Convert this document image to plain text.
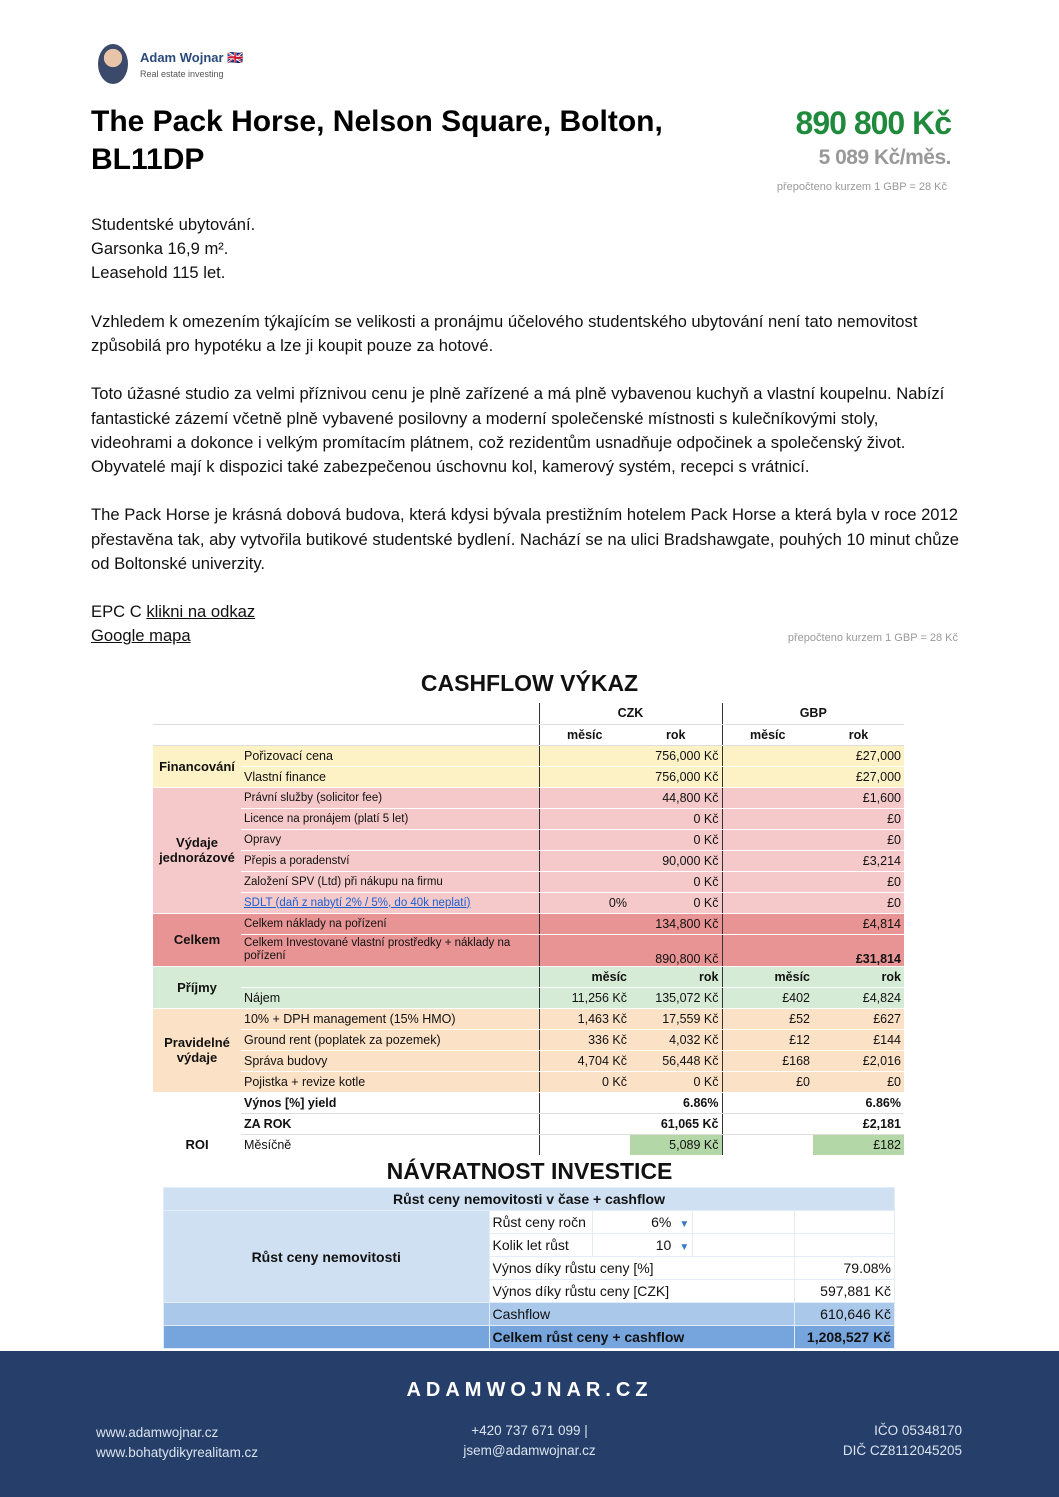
Adam Wojnar 🇬🇧
Real estate investing
The Pack Horse, Nelson Square, Bolton, BL11DP
890 800 Kč
5 089 Kč/měs.
přepočteno kurzem 1 GBP = 28 Kč

Studentské ubytování.

Garsonka 16,9 m².

Leasehold 115 let.

Vzhledem k omezením týkajícím se velikosti a pronájmu účelového studentského ubytování není tato nemovitost způsobilá pro hypotéku a lze ji koupit pouze za hotové.

Toto úžasné studio za velmi příznivou cenu je plně zařízené a má plně vybavenou kuchyň a vlastní koupelnu. Nabízí fantastické zázemí včetně plně vybavené posilovny a moderní společenské místnosti s kulečníkovými stoly, videohrami a dokonce i velkým promítacím plátnem, což rezidentům usnadňuje odpočinek a společenský život. Obyvatelé mají k dispozici také zabezpečenou úschovnu kol, kamerový systém, recepci s vrátnicí.

The Pack Horse je krásná dobová budova, která kdysi bývala prestižním hotelem Pack Horse a která byla v roce 2012 přestavěna tak, aby vytvořila butikové studentské bydlení. Nachází se na ulici Bradshawgate, pouhých 10 minut chůze od Boltonské univerzity.

EPC C klikni na odkaz

Google mapa	přepočteno kurzem 1 GBP = 28 Kč
CASHFLOW VÝKAZ
		CZK		GBP	
		měsíc	rok	měsíc	rok
Financování	Pořizovací cena		756,000 Kč		£27,000
	Vlastní finance		756,000 Kč		£27,000
Výdaje jednorázové	Právní služby (solicitor fee)		44,800 Kč		£1,600
	Licence na pronájem (platí 5 let)		0 Kč		£0
	Opravy		0 Kč		£0
	Přepis a poradenství		90,000 Kč		£3,214
	Založení SPV (Ltd) při nákupu na firmu		0 Kč		£0
	SDLT (daň z nabytí 2% / 5%, do 40k neplatí)	0%	0 Kč		£0
Celkem	Celkem náklady na pořízení		134,800 Kč		£4,814
	Celkem Investované vlastní prostředky + náklady na pořízení		890,800 Kč		£31,814
Příjmy		měsíc	rok	měsíc	rok
	Nájem	11,256 Kč	135,072 Kč	£402	£4,824
Pravidelné výdaje	10% + DPH management (15% HMO)	1,463 Kč	17,559 Kč	£52	£627
	Ground rent (poplatek za pozemek)	336 Kč	4,032 Kč	£12	£144
	Správa budovy	4,704 Kč	56,448 Kč	£168	£2,016
	Pojistka + revize kotle	0 Kč	0 Kč	£0	£0
ROI	Výnos [%] yield		6.86%		6.86%
	ZA ROK		61,065 Kč		£2,181
	Měsíčně		5,089 Kč		£182
NÁVRATNOST INVESTICE
Růst ceny nemovitosti v čase + cashflow				
Růst ceny nemovitosti	Růst ceny ročn	6% ▼		
	Kolik let růst	10 ▼		
	Výnos díky růstu ceny [%]			79.08%
	Výnos díky růstu ceny [CZK]			597,881 Kč
	Cashflow			610,646 Kč
	Celkem růst ceny + cashflow			1,208,527 Kč
ADAMWOJNAR.CZ
www.adamwojnar.cz
www.bohatydikyrealitam.cz
+420 737 671 099 |
jsem@adamwojnar.cz
IČO 05348170
DIČ CZ8112045205
